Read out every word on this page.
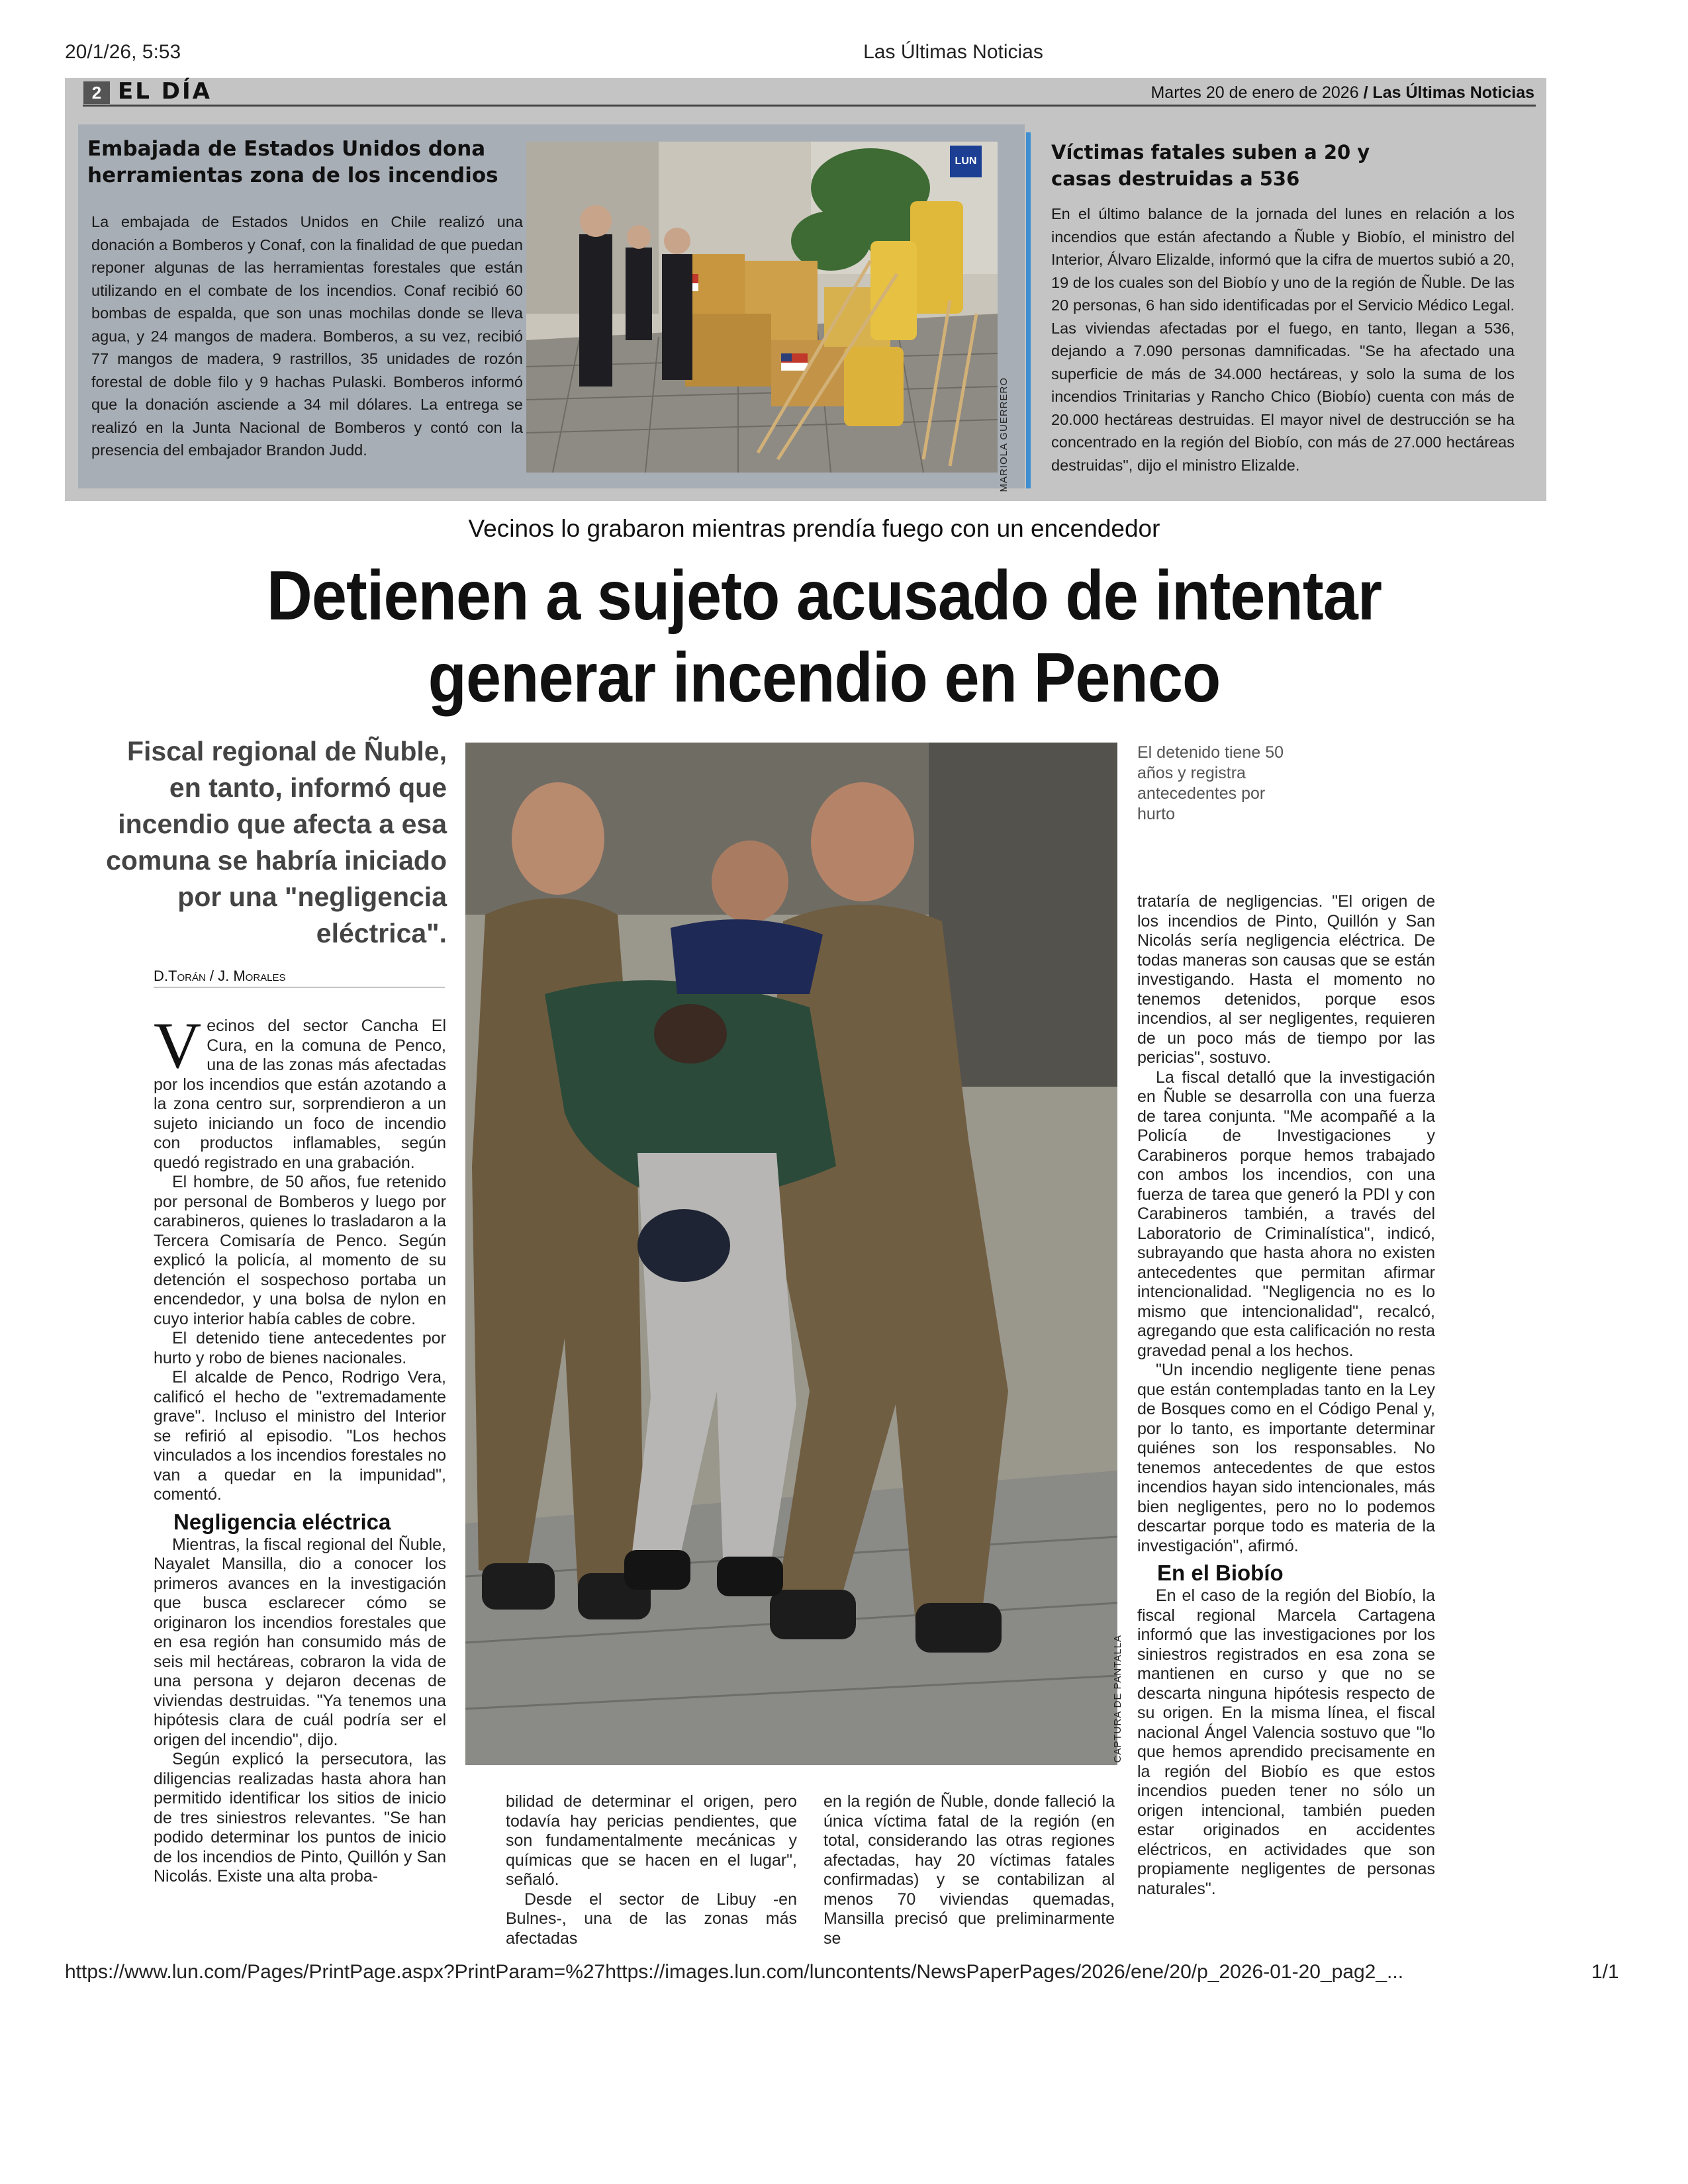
20/1/26, 5:53	Las Últimas Noticias
2 EL DÍA	Martes 20 de enero de 2026 / Las Últimas Noticias
Embajada de Estados Unidos dona herramientas zona de los incendios
La embajada de Estados Unidos en Chile realizó una donación a Bomberos y Conaf, con la finalidad de que puedan reponer algunas de las herramientas forestales que están utilizando en el combate de los incendios. Conaf recibió 60 bombas de espalda, que son unas mochilas donde se lleva agua, y 24 mangos de madera. Bomberos, a su vez, recibió 77 mangos de madera, 9 rastrillos, 35 unidades de rozón forestal de doble filo y 9 hachas Pulaski. Bomberos informó que la donación asciende a 34 mil dólares. La entrega se realizó en la Junta Nacional de Bomberos y contó con la presencia del embajador Brandon Judd.
LUN
MARIOLA GUERRERO
Víctimas fatales suben a 20 y casas destruidas a 536
En el último balance de la jornada del lunes en relación a los incendios que están afectando a Ñuble y Biobío, el ministro del Interior, Álvaro Elizalde, informó que la cifra de muertos subió a 20, 19 de los cuales son del Biobío y uno de la región de Ñuble. De las 20 personas, 6 han sido identificadas por el Servicio Médico Legal. Las viviendas afectadas por el fuego, en tanto, llegan a 536, dejando a 7.090 personas damnificadas. "Se ha afectado una superficie de más de 34.000 hectáreas, y solo la suma de los incendios Trinitarias y Rancho Chico (Biobío) cuenta con más de 20.000 hectáreas destruidas. El mayor nivel de destrucción se ha concentrado en la región del Biobío, con más de 27.000 hectáreas destruidas", dijo el ministro Elizalde.
Vecinos lo grabaron mientras prendía fuego con un encendedor
Detienen a sujeto acusado de intentar generar incendio en Penco
Fiscal regional de Ñuble, en tanto, informó que incendio que afecta a esa comuna se habría iniciado por una "negligencia eléctrica".
El detenido tiene 50 años y registra antecedentes por hurto
CAPTURA DE PANTALLA
D.Torán / J. Morales

Vecinos del sector Cancha El Cura, en la comuna de Penco, una de las zonas más afectadas por los incendios que están azotando a la zona centro sur, sorprendieron a un sujeto iniciando un foco de incendio con productos inflamables, según quedó registrado en una grabación.

El hombre, de 50 años, fue retenido por personal de Bomberos y luego por carabineros, quienes lo trasladaron a la Tercera Comisaría de Penco. Según explicó la policía, al momento de su detención el sospechoso portaba un encendedor, y una bolsa de nylon en cuyo interior había cables de cobre.

El detenido tiene antecedentes por hurto y robo de bienes nacionales.

El alcalde de Penco, Rodrigo Vera, calificó el hecho de "extremadamente grave". Incluso el ministro del Interior se refirió al episodio. "Los hechos vinculados a los incendios forestales no van a quedar en la impunidad", comentó.

Negligencia eléctrica

Mientras, la fiscal regional del Ñuble, Nayalet Mansilla, dio a conocer los primeros avances en la investigación que busca esclarecer cómo se originaron los incendios forestales que en esa región han consumido más de seis mil hectáreas, cobraron la vida de una persona y dejaron decenas de viviendas destruidas. "Ya tenemos una hipótesis clara de cuál podría ser el origen del incendio", dijo.

Según explicó la persecutora, las diligencias realizadas hasta ahora han permitido identificar los sitios de inicio de tres siniestros relevantes. "Se han podido determinar los puntos de inicio de los incendios de Pinto, Quillón y San Nicolás. Existe una alta proba-

bilidad de determinar el origen, pero todavía hay pericias pendientes, que son fundamentalmente mecánicas y químicas que se hacen en el lugar", señaló.

Desde el sector de Libuy -en Bulnes-, una de las zonas más afectadas

en la región de Ñuble, donde falleció la única víctima fatal de la región (en total, considerando las otras regiones afectadas, hay 20 víctimas fatales confirmadas) y se contabilizan al menos 70 viviendas quemadas, Mansilla precisó que preliminarmente se

trataría de negligencias. "El origen de los incendios de Pinto, Quillón y San Nicolás sería negligencia eléctrica. De todas maneras son causas que se están investigando. Hasta el momento no tenemos detenidos, porque esos incendios, al ser negligentes, requieren de un poco más de tiempo por las pericias", sostuvo.

La fiscal detalló que la investigación en Ñuble se desarrolla con una fuerza de tarea conjunta. "Me acompañé a la Policía de Investigaciones y Carabineros porque hemos trabajado con ambos los incendios, con una fuerza de tarea que generó la PDI y con Carabineros también, a través del Laboratorio de Criminalística", indicó, subrayando que hasta ahora no existen antecedentes que permitan afirmar intencionalidad. "Negligencia no es lo mismo que intencionalidad", recalcó, agregando que esta calificación no resta gravedad penal a los hechos.

"Un incendio negligente tiene penas que están contempladas tanto en la Ley de Bosques como en el Código Penal y, por lo tanto, es importante determinar quiénes son los responsables. No tenemos antecedentes de que estos incendios hayan sido intencionales, más bien negligentes, pero no lo podemos descartar porque todo es materia de la investigación", afirmó.

En el Biobío

En el caso de la región del Biobío, la fiscal regional Marcela Cartagena informó que las investigaciones por los siniestros registrados en esa zona se mantienen en curso y que no se descarta ninguna hipótesis respecto de su origen. En la misma línea, el fiscal nacional Ángel Valencia sostuvo que "lo que hemos aprendido precisamente en la región del Biobío es que estos incendios pueden tener no sólo un origen intencional, también pueden estar originados en accidentes eléctricos, en actividades que son propiamente negligentes de personas naturales".

https://www.lun.com/Pages/PrintPage.aspx?PrintParam=%27https://images.lun.com/luncontents/NewsPaperPages/2026/ene/20/p_2026-01-20_pag2_...	1/1
